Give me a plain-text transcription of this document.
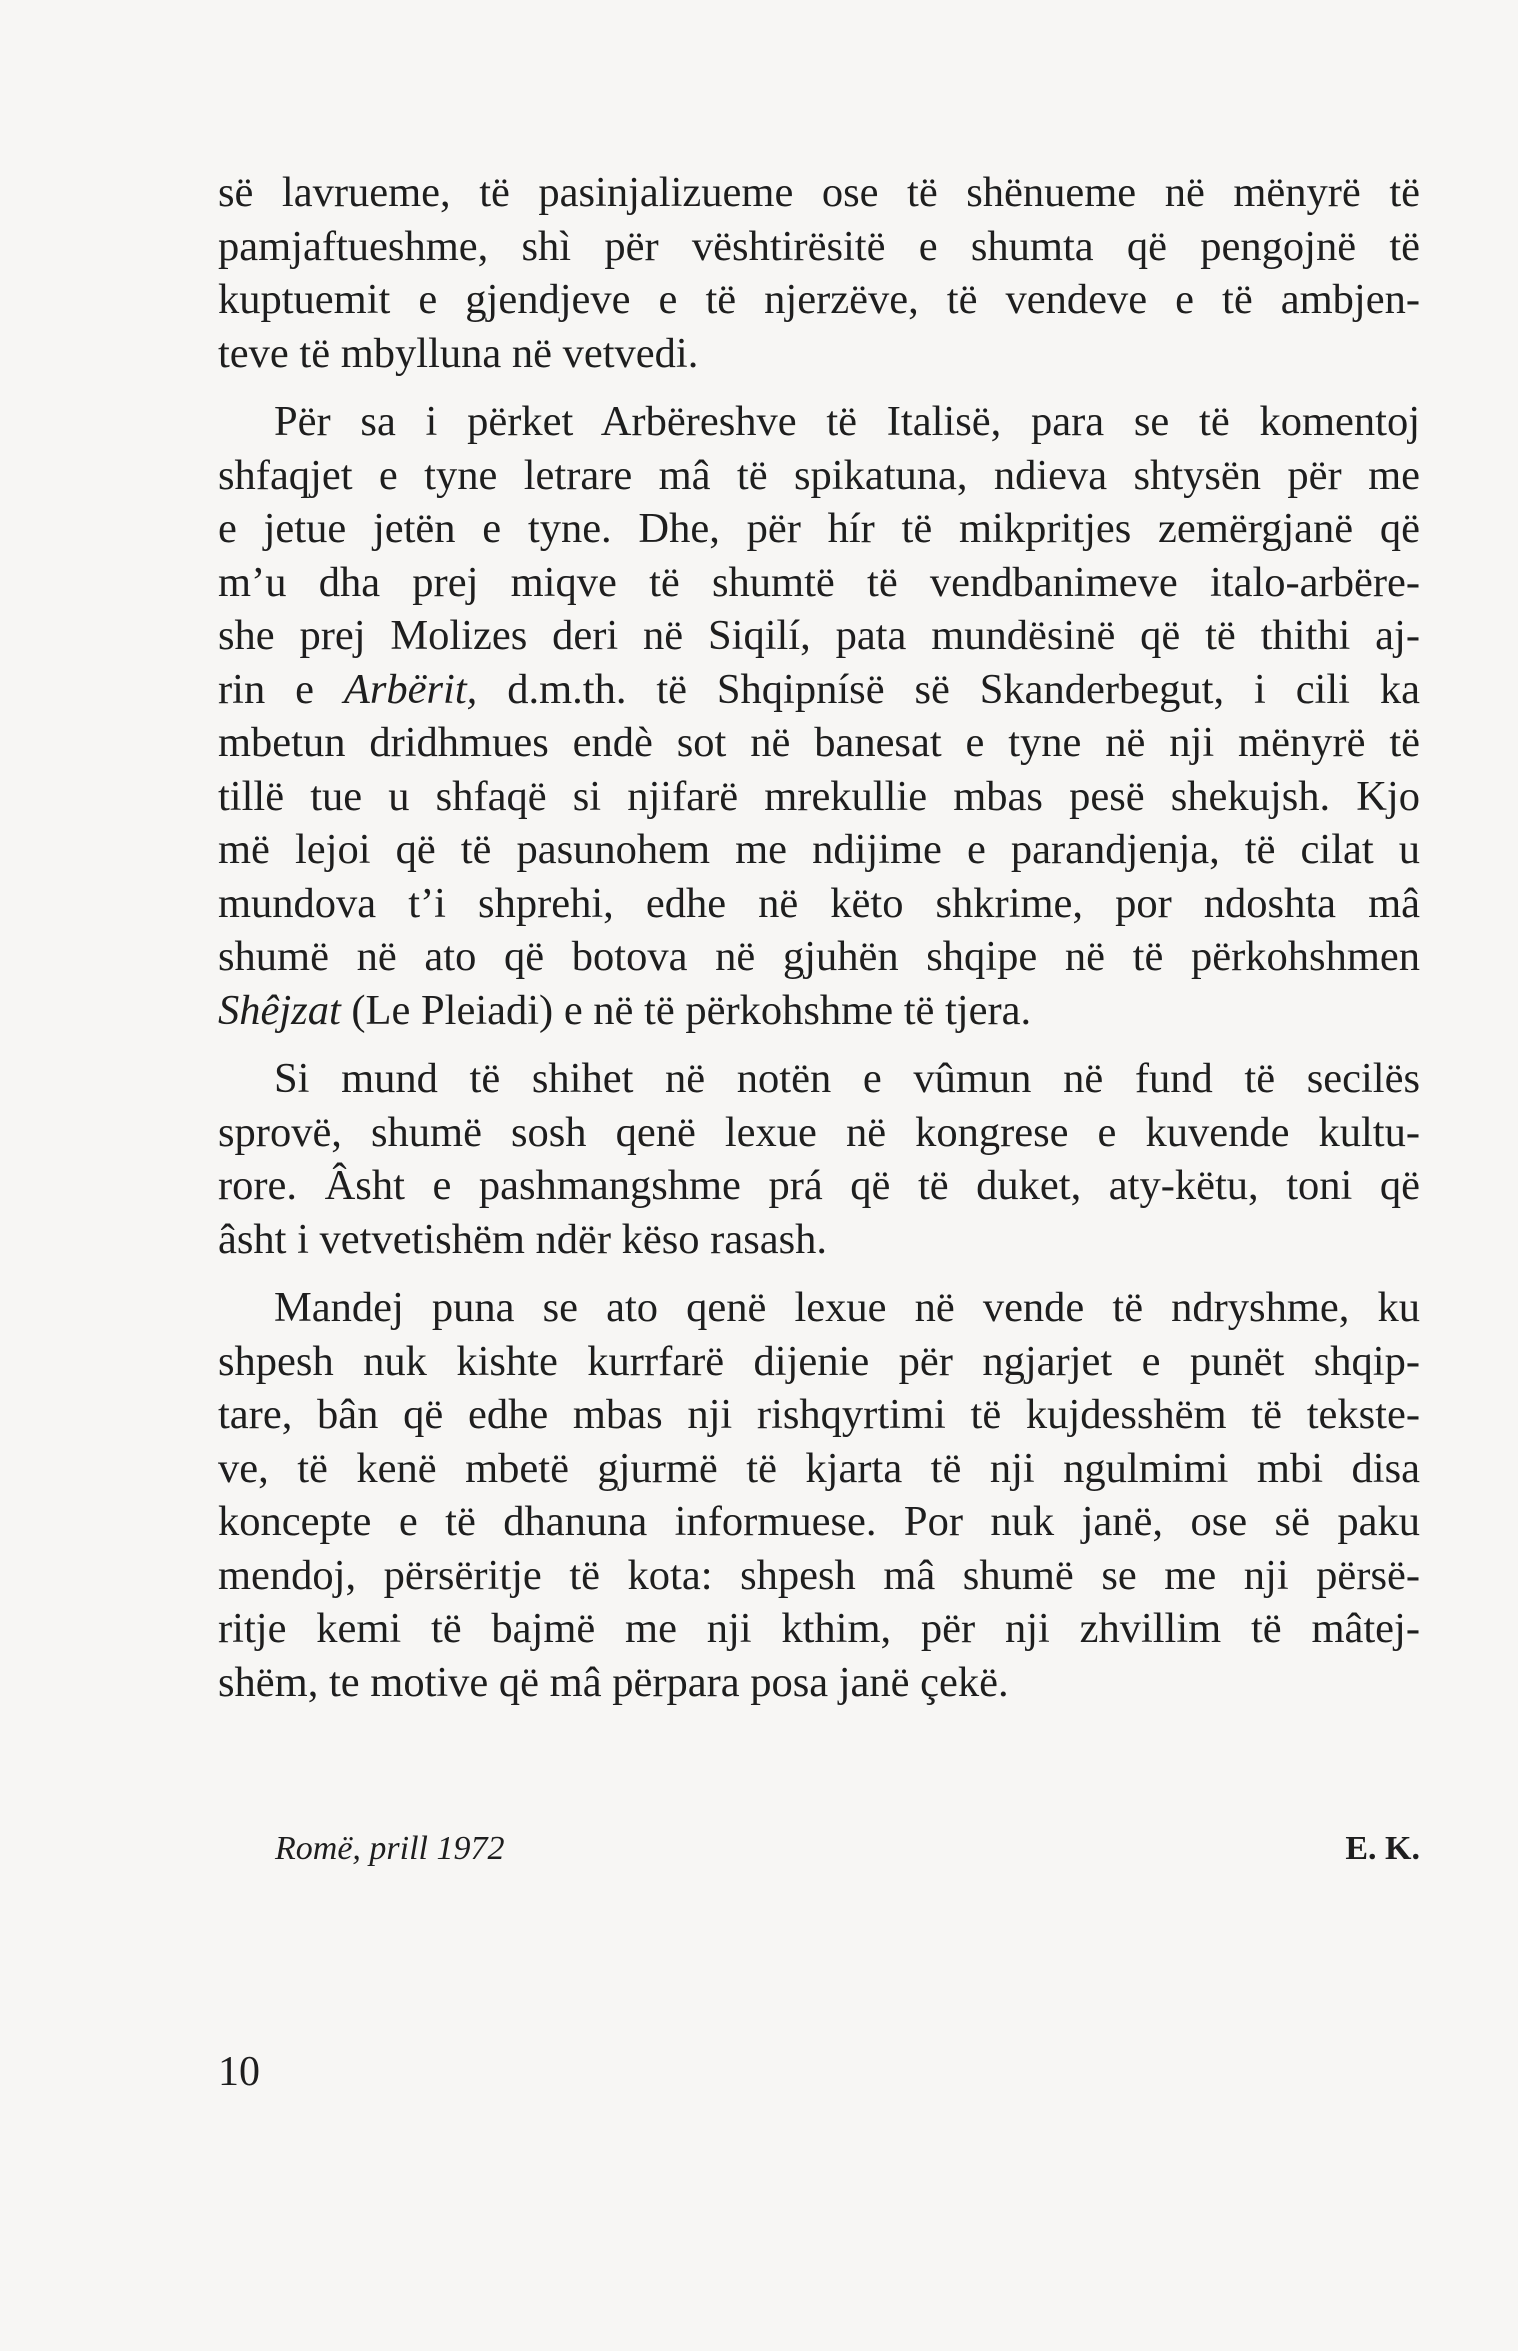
së lavrueme, të pasinjalizueme ose të shënueme në mënyrë të
pamjaftueshme, shì për vështirësitë e shumta që pengojnë të
kuptuemit e gjendjeve e të njerzëve, të vendeve e të ambjen-
teve të mbylluna në vetvedi.

Për sa i përket Arbëreshve të Italisë, para se të komentoj
shfaqjet e tyne letrare mâ të spikatuna, ndieva shtysën për me
e jetue jetën e tyne. Dhe, për hír të mikpritjes zemërgjanë që
m’u dha prej miqve të shumtë të vendbanimeve italo-arbëre-
she prej Molizes deri në Siqilí, pata mundësinë që të thithi aj-
rin e Arbërit, d.m.th. të Shqipnísë së Skanderbegut, i cili ka
mbetun dridhmues endè sot në banesat e tyne në nji mënyrë të
tillë tue u shfaqë si njifarë mrekullie mbas pesë shekujsh. Kjo
më lejoi që të pasunohem me ndijime e parandjenja, të cilat u
mundova t’i shprehi, edhe në këto shkrime, por ndoshta mâ
shumë në ato që botova në gjuhën shqipe në të përkohshmen
Shêjzat (Le Pleiadi) e në të përkohshme të tjera.

Si mund të shihet në notën e vûmun në fund të secilës
sprovë, shumë sosh qenë lexue në kongrese e kuvende kultu-
rore. Âsht e pashmangshme prá që të duket, aty-këtu, toni që
âsht i vetvetishëm ndër këso rasash.

Mandej puna se ato qenë lexue në vende të ndryshme, ku
shpesh nuk kishte kurrfarë dijenie për ngjarjet e punët shqip-
tare, bân që edhe mbas nji rishqyrtimi të kujdesshëm të tekste-
ve, të kenë mbetë gjurmë të kjarta të nji ngulmimi mbi disa
koncepte e të dhanuna informuese. Por nuk janë, ose së paku
mendoj, përsëritje të kota: shpesh mâ shumë se me nji përsë-
ritje kemi të bajmë me nji kthim, për nji zhvillim të mâtej-
shëm, te motive që mâ përpara posa janë çekë.

Romë, prill 1972	E. K.
10
